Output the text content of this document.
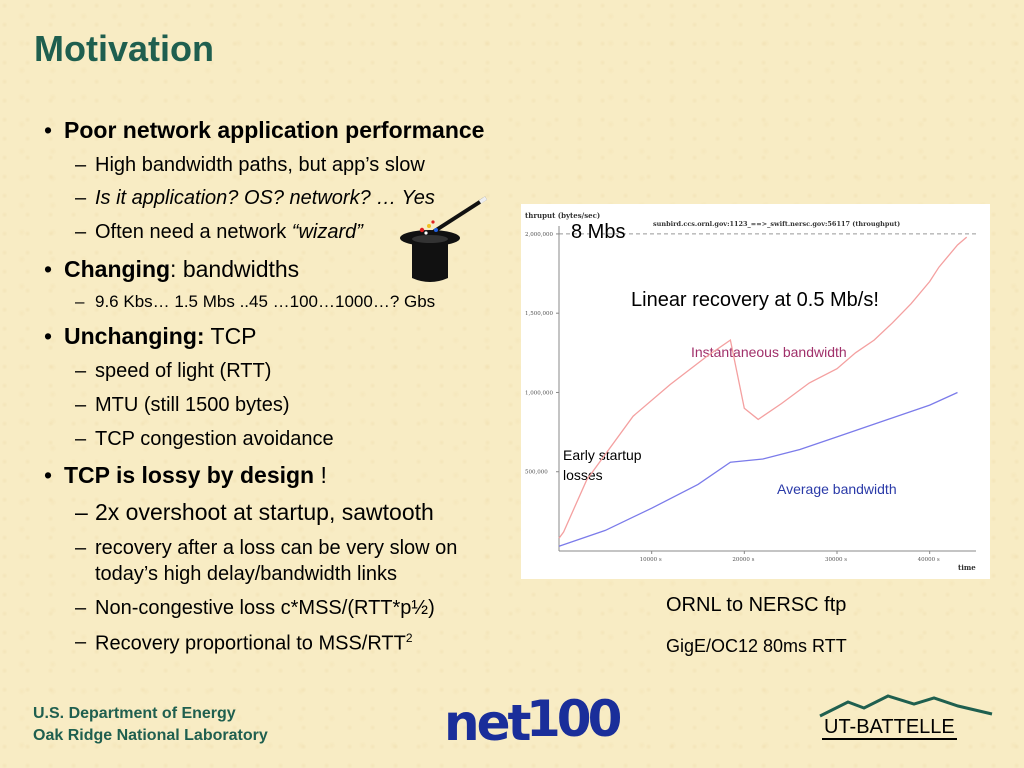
Motivation
• Poor network application performance
– High bandwidth paths, but app’s slow
– Is it application? OS? network? … Yes
– Often need a network “wizard”
• Changing: bandwidths
– 9.6 Kbs… 1.5 Mbs ..45 …100…1000…? Gbs
• Unchanging: TCP
– speed of light (RTT)
– MTU (still 1500 bytes)
– TCP congestion avoidance
• TCP is lossy by design !
– 2x overshoot at startup, sawtooth
– recovery after a loss can be very slow on
today’s high delay/bandwidth links
– Non-congestive loss c*MSS/(RTT*p½)
– Recovery proportional to MSS/RTT$^2$
40000 s
30000 s
20000 s
10000 s
500,000
1,000,000
1,500,000
2,000,000
thruput (bytes/sec)
sunbird.ccs.ornl.gov:1123_==>_swift.nersc.gov:56117 (throughput)
8 Mbs
Linear recovery at 0.5 Mb/s!
Instantaneous bandwidth
Early startup
losses
Average bandwidth
time
ORNL to NERSC ftp
GigE/OC12 80ms RTT
U.S. Department of Energy
Oak Ridge National Laboratory	net
100	UT-BATTELLE
